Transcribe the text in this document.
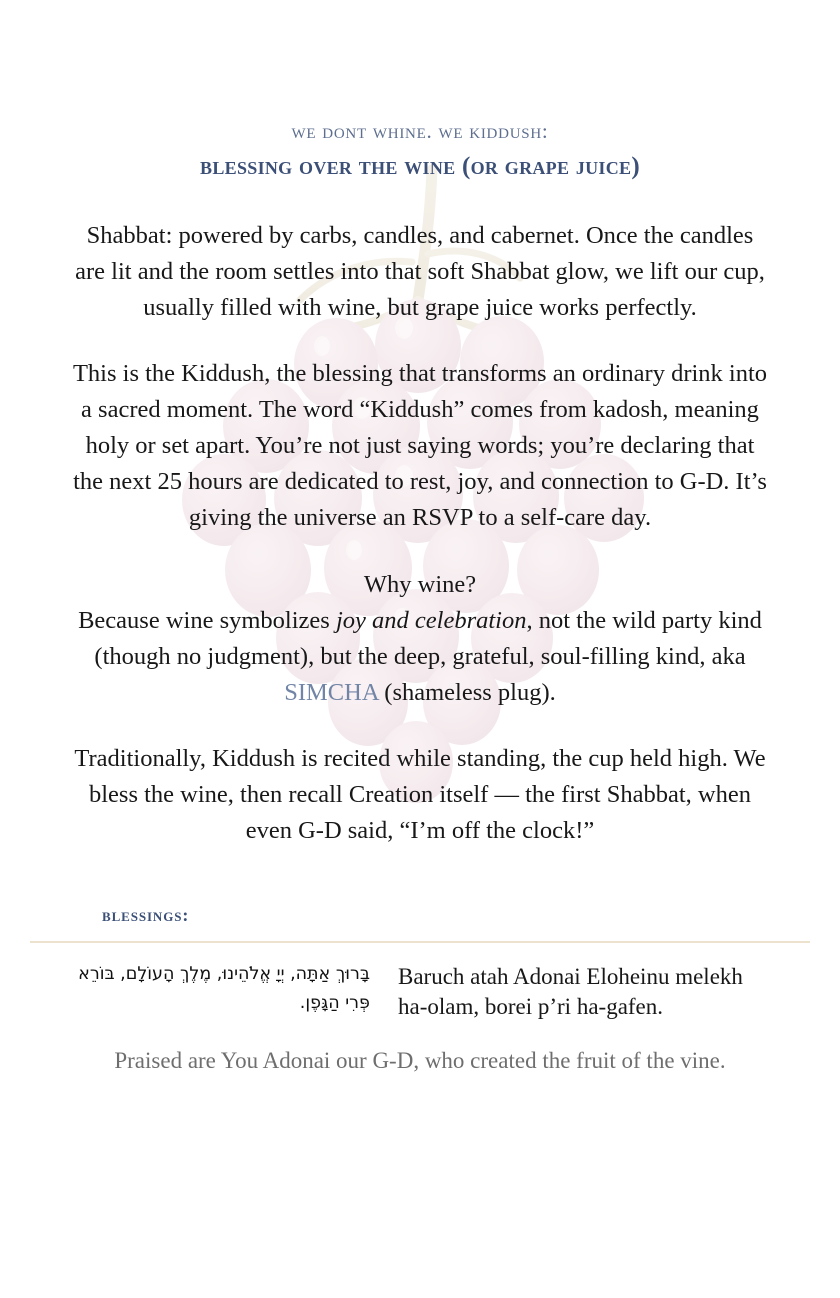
we dont whine. we kiddush:
blessing over the wine (or grape juice)

Shabbat: powered by carbs, candles, and cabernet. Once the candles are lit and the room settles into that soft Shabbat glow, we lift our cup, usually filled with wine, but grape juice works perfectly.

This is the Kiddush, the blessing that transforms an ordinary drink into a sacred moment. The word “Kiddush” comes from kadosh, meaning holy or set apart. You’re not just saying words; you’re declaring that the next 25 hours are dedicated to rest, joy, and connection to G-D. It’s giving the universe an RSVP to a self-care day.

Why wine?
Because wine symbolizes joy and celebration, not the wild party kind (though no judgment), but the deep, grateful, soul-filling kind, aka SIMCHA (shameless plug).

Traditionally, Kiddush is recited while standing, the cup held high. We bless the wine, then recall Creation itself — the first Shabbat, when even G-D said, “I’m off the clock!”

blessings:
בָּרוּךְ אַתָּה, יְיָ אֱלֹהֵינוּ, מֶלֶךְ הָעוֹלָם, בּוֹרֵא פְּרִי הַגָּפֶן.
Baruch atah Adonai Eloheinu melekh ha-olam, borei p’ri ha-gafen.

Praised are You Adonai our G-D, who created the fruit of the vine.
